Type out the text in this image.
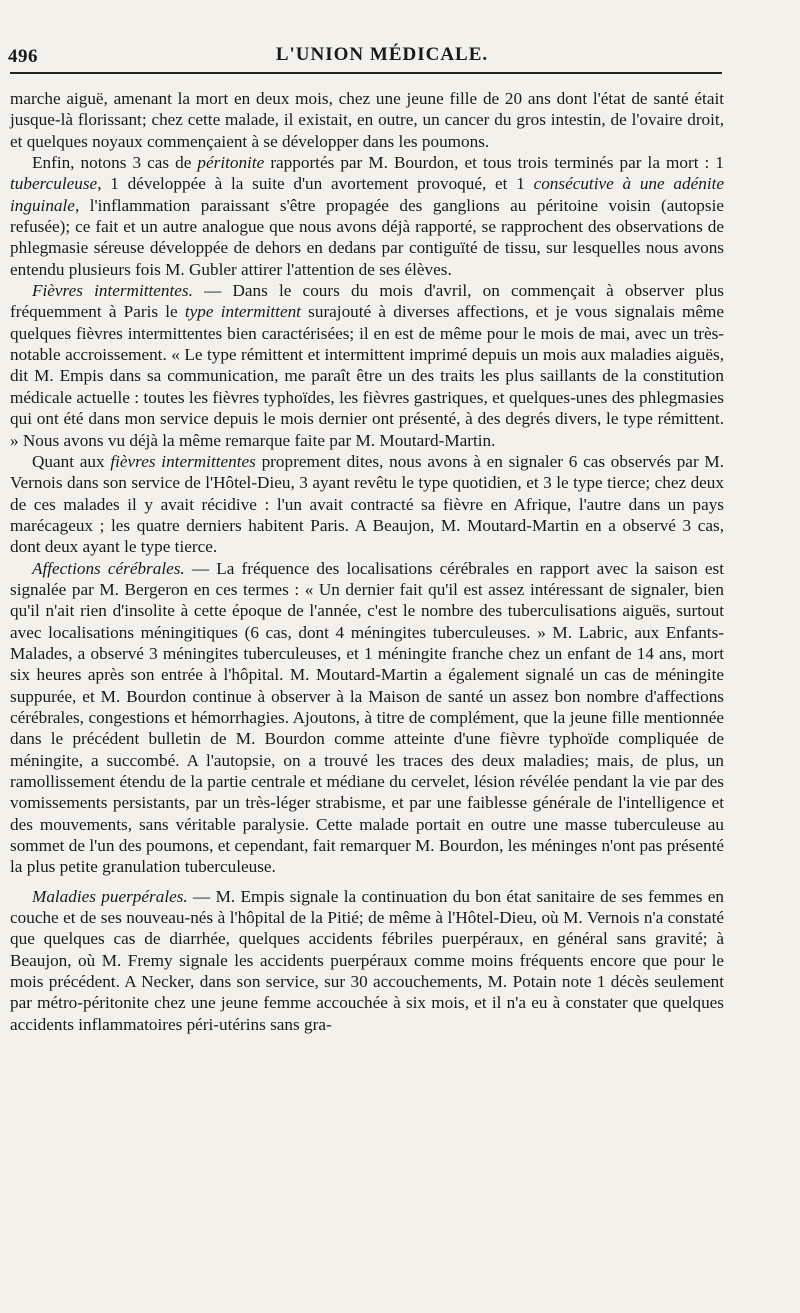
496	L'UNION MÉDICALE.

marche aiguë, amenant la mort en deux mois, chez une jeune fille de 20 ans dont l'état de santé était jusque-là florissant; chez cette malade, il existait, en outre, un cancer du gros intestin, de l'ovaire droit, et quelques noyaux commençaient à se développer dans les poumons.

Enfin, notons 3 cas de péritonite rapportés par M. Bourdon, et tous trois terminés par la mort : 1 tuberculeuse, 1 développée à la suite d'un avortement provoqué, et 1 consécutive à une adénite inguinale, l'inflammation paraissant s'être propagée des ganglions au péritoine voisin (autopsie refusée); ce fait et un autre analogue que nous avons déjà rapporté, se rapprochent des observations de phlegmasie séreuse développée de dehors en dedans par contiguïté de tissu, sur lesquelles nous avons entendu plusieurs fois M. Gubler attirer l'attention de ses élèves.

Fièvres intermittentes. — Dans le cours du mois d'avril, on commençait à observer plus fréquemment à Paris le type intermittent surajouté à diverses affections, et je vous signalais même quelques fièvres intermittentes bien caractérisées; il en est de même pour le mois de mai, avec un très-notable accroissement. « Le type rémittent et intermittent imprimé depuis un mois aux maladies aiguës, dit M. Empis dans sa communication, me paraît être un des traits les plus saillants de la constitution médicale actuelle : toutes les fièvres typhoïdes, les fièvres gastriques, et quelques-unes des phlegmasies qui ont été dans mon service depuis le mois dernier ont présenté, à des degrés divers, le type rémittent. » Nous avons vu déjà la même remarque faite par M. Moutard-Martin.

Quant aux fièvres intermittentes proprement dites, nous avons à en signaler 6 cas observés par M. Vernois dans son service de l'Hôtel-Dieu, 3 ayant revêtu le type quotidien, et 3 le type tierce; chez deux de ces malades il y avait récidive : l'un avait contracté sa fièvre en Afrique, l'autre dans un pays marécageux ; les quatre derniers habitent Paris. A Beaujon, M. Moutard-Martin en a observé 3 cas, dont deux ayant le type tierce.

Affections cérébrales. — La fréquence des localisations cérébrales en rapport avec la saison est signalée par M. Bergeron en ces termes : « Un dernier fait qu'il est assez intéressant de signaler, bien qu'il n'ait rien d'insolite à cette époque de l'année, c'est le nombre des tuberculisations aiguës, surtout avec localisations méningitiques (6 cas, dont 4 méningites tuberculeuses. » M. Labric, aux Enfants-Malades, a observé 3 méningites tuberculeuses, et 1 méningite franche chez un enfant de 14 ans, mort six heures après son entrée à l'hôpital. M. Moutard-Martin a également signalé un cas de méningite suppurée, et M. Bourdon continue à observer à la Maison de santé un assez bon nombre d'affections cérébrales, congestions et hémorrhagies. Ajoutons, à titre de complément, que la jeune fille mentionnée dans le précédent bulletin de M. Bourdon comme atteinte d'une fièvre typhoïde compliquée de méningite, a succombé. A l'autopsie, on a trouvé les traces des deux maladies; mais, de plus, un ramollissement étendu de la partie centrale et médiane du cervelet, lésion révélée pendant la vie par des vomissements persistants, par un très-léger strabisme, et par une faiblesse générale de l'intelligence et des mouvements, sans véritable paralysie. Cette malade portait en outre une masse tuberculeuse au sommet de l'un des poumons, et cependant, fait remarquer M. Bourdon, les méninges n'ont pas présenté la plus petite granulation tuberculeuse.

Maladies puerpérales. — M. Empis signale la continuation du bon état sanitaire de ses femmes en couche et de ses nouveau-nés à l'hôpital de la Pitié; de même à l'Hôtel-Dieu, où M. Vernois n'a constaté que quelques cas de diarrhée, quelques accidents fébriles puerpéraux, en général sans gravité; à Beaujon, où M. Fremy signale les accidents puerpéraux comme moins fréquents encore que pour le mois précédent. A Necker, dans son service, sur 30 accouchements, M. Potain note 1 décès seulement par métro-péritonite chez une jeune femme accouchée à six mois, et il n'a eu à constater que quelques accidents inflammatoires péri-utérins sans gra-
